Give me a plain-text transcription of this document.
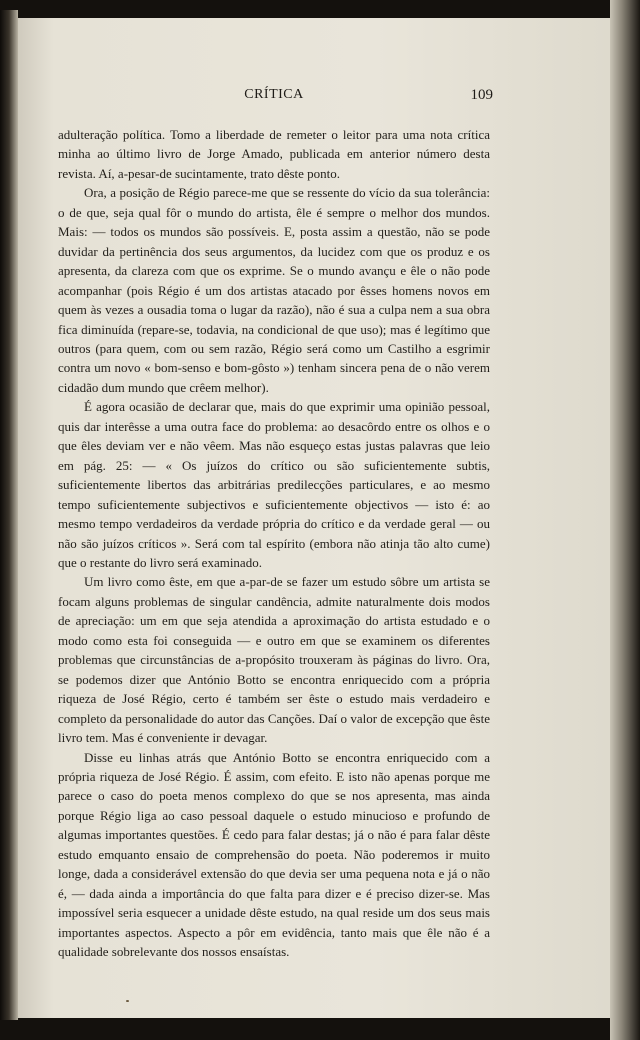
CRÍTICA	109

adulteração política. Tomo a liberdade de remeter o leitor para uma nota crítica minha ao último livro de Jorge Amado, publicada em anterior número desta revista. Aí, a-pesar-de sucintamente, trato dêste ponto.

Ora, a posição de Régio parece-me que se ressente do vício da sua tolerância: o de que, seja qual fôr o mundo do artista, êle é sempre o melhor dos mundos. Mais: — todos os mundos são possíveis. E, posta assim a questão, não se pode duvidar da pertinência dos seus argumentos, da lucidez com que os produz e os apresenta, da clareza com que os exprime. Se o mundo avançu e êle o não pode acompanhar (pois Régio é um dos artistas atacado por êsses homens novos em quem às vezes a ousadia toma o lugar da razão), não é sua a culpa nem a sua obra fica diminuída (repare-se, todavia, na condicional de que uso); mas é legítimo que outros (para quem, com ou sem razão, Régio será como um Castilho a esgrimir contra um novo « bom-senso e bom-gôsto ») tenham sincera pena de o não verem cidadão dum mundo que crêem melhor).

É agora ocasião de declarar que, mais do que exprimir uma opinião pessoal, quis dar interêsse a uma outra face do problema: ao desacôrdo entre os olhos e o que êles deviam ver e não vêem. Mas não esqueço estas justas palavras que leio em pág. 25: — « Os juízos do crítico ou são suficientemente subtis, suficientemente libertos das arbitrárias predilecções particulares, e ao mesmo tempo suficientemente subjectivos e suficientemente objectivos — isto é: ao mesmo tempo verdadeiros da verdade própria do crítico e da verdade geral — ou não são juízos críticos ». Será com tal espírito (embora não atinja tão alto cume) que o restante do livro será examinado.

Um livro como êste, em que a-par-de se fazer um estudo sôbre um artista se focam alguns problemas de singular candência, admite naturalmente dois modos de apreciação: um em que seja atendida a aproximação do artista estudado e o modo como esta foi conseguida — e outro em que se examinem os diferentes problemas que circunstâncias de a-propósito trouxeram às páginas do livro. Ora, se podemos dizer que António Botto se encontra enriquecido com a própria riqueza de José Régio, certo é também ser êste o estudo mais verdadeiro e completo da personalidade do autor das Canções. Daí o valor de excepção que êste livro tem. Mas é conveniente ir devagar.

Disse eu linhas atrás que António Botto se encontra enriquecido com a própria riqueza de José Régio. É assim, com efeito. E isto não apenas porque me parece o caso do poeta menos complexo do que se nos apresenta, mas ainda porque Régio liga ao caso pessoal daquele o estudo minucioso e profundo de algumas importantes questões. É cedo para falar destas; já o não é para falar dêste estudo emquanto ensaio de comprehensão do poeta. Não poderemos ir muito longe, dada a considerável extensão do que devia ser uma pequena nota e já o não é, — dada ainda a importância do que falta para dizer e é preciso dizer-se. Mas impossível seria esquecer a unidade dêste estudo, na qual reside um dos seus mais importantes aspectos. Aspecto a pôr em evidência, tanto mais que êle não é a qualidade sobrelevante dos nossos ensaístas.
